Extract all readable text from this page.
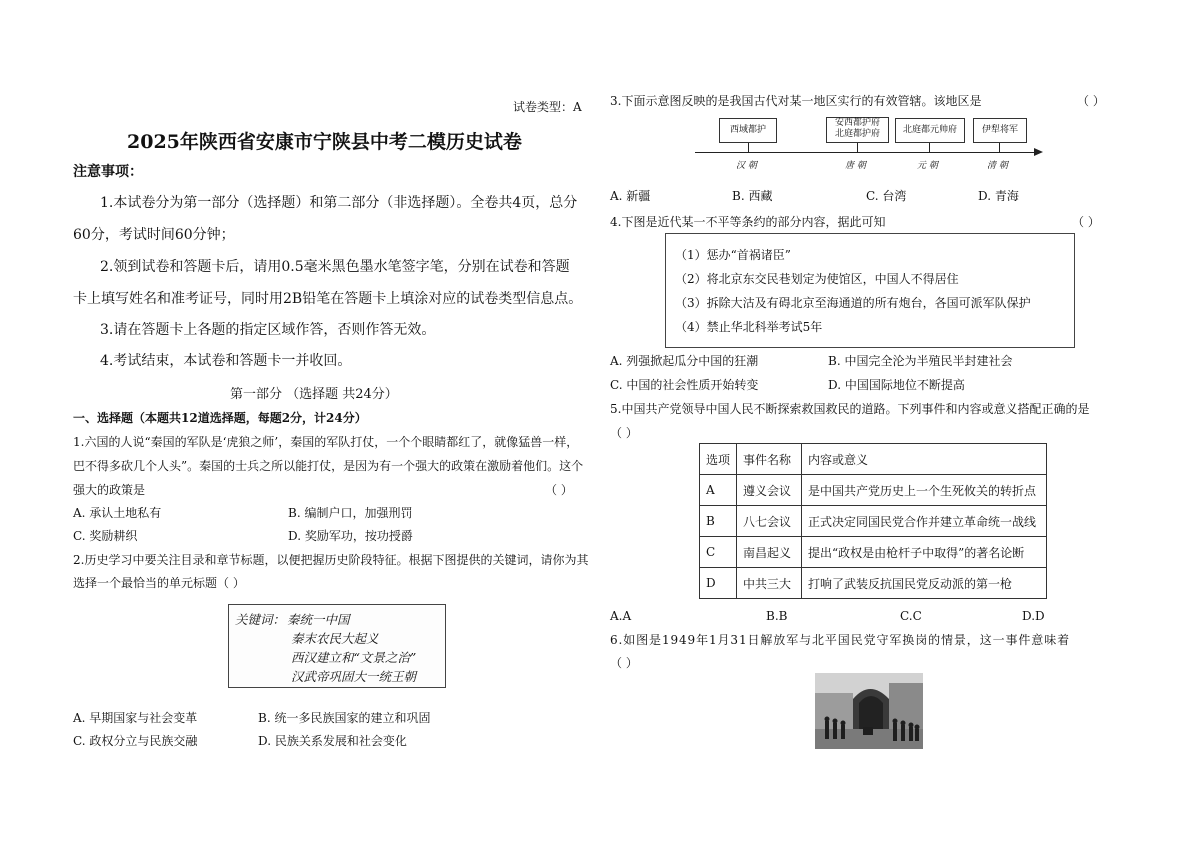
试卷类型：A
2025年陕西省安康市宁陕县中考二模历史试卷
注意事项：
1.本试卷分为第一部分（选择题）和第二部分（非选择题）。全卷共4页，总分
60分，考试时间60分钟；
2.领到试卷和答题卡后，请用0.5毫米黑色墨水笔签字笔，分别在试卷和答题
卡上填写姓名和准考证号，同时用2B铅笔在答题卡上填涂对应的试卷类型信息点。
3.请在答题卡上各题的指定区域作答，否则作答无效。
4.考试结束，本试卷和答题卡一并收回。
第一部分 （选择题 共24分）
一、选择题（本题共12道选择题，每题2分，计24分）
1.六国的人说“秦国的军队是‘虎狼之师’，秦国的军队打仗，一个个眼睛都红了，就像猛兽一样，
巴不得多砍几个人头”。秦国的士兵之所以能打仗，是因为有一个强大的政策在激励着他们。这个
强大的政策是	（ ）
A. 承认土地私有	B. 编制户口，加强刑罚
C. 奖励耕织	D. 奖励军功，按功授爵
2.历史学习中要关注目录和章节标题，以便把握历史阶段特征。根据下图提供的关键词，请你为其
选择一个最恰当的单元标题（ ）
关键词： 秦统一中国
秦末农民大起义
西汉建立和“文景之治”
汉武帝巩固大一统王朝
A. 早期国家与社会变革	B. 统一多民族国家的建立和巩固
C. 政权分立与民族交融	D. 民族关系发展和社会变化
3.下面示意图反映的是我国古代对某一地区实行的有效管辖。该地区是	（ ）
西域都护
安西都护府
北庭都护府	北庭都元帅府	伊犁将军
汉 朝	唐 朝	元 朝	清 朝
A. 新疆	B. 西藏	C. 台湾	D. 青海
4.下图是近代某一不平等条约的部分内容，据此可知	（ ）
（1）惩办“首祸诸臣”
（2）将北京东交民巷划定为使馆区，中国人不得居住
（3）拆除大沽及有碍北京至海通道的所有炮台，各国可派军队保护
（4）禁止华北科举考试5年
A. 列强掀起瓜分中国的狂潮	B. 中国完全沦为半殖民半封建社会
C. 中国的社会性质开始转变	D. 中国国际地位不断提高
5.中国共产党领导中国人民不断探索救国救民的道路。下列事件和内容或意义搭配正确的是
（ ）
选项	事件名称	内容或意义
A	遵义会议	是中国共产党历史上一个生死攸关的转折点
B	八七会议	正式决定同国民党合作并建立革命统一战线
C	南昌起义	提出“政权是由枪杆子中取得”的著名论断
D	中共三大	打响了武装反抗国民党反动派的第一枪
A.A	B.B	C.C	D.D
6.如图是1949年1月31日解放军与北平国民党守军换岗的情景，这一事件意味着
（ ）
